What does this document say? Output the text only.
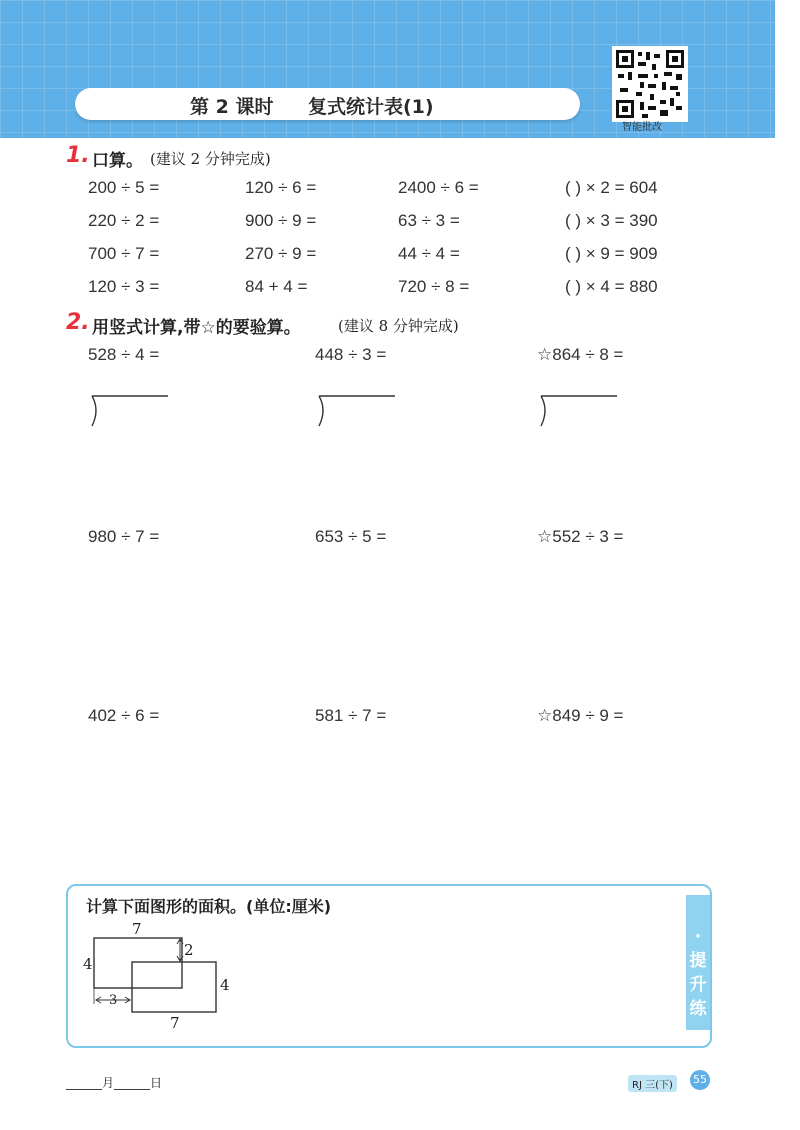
第 2 课时 复式统计表(1)
智能批改
1. 口算。 (建议 2 分钟完成)
200 ÷ 5 =	120 ÷ 6 =	2400 ÷ 6 =	( ) × 2 = 604
220 ÷ 2 =	900 ÷ 9 =	63 ÷ 3 =	( ) × 3 = 390
700 ÷ 7 =	270 ÷ 9 =	44 ÷ 4 =	( ) × 9 = 909
120 ÷ 3 =	84 + 4 =	720 ÷ 8 =	( ) × 4 = 880
2. 用竖式计算,带☆的要验算。 (建议 8 分钟完成)
528 ÷ 4 =	448 ÷ 3 =	☆864 ÷ 8 =
980 ÷ 7 =	653 ÷ 5 =	☆552 ÷ 3 =
402 ÷ 6 =	581 ÷ 7 =	☆849 ÷ 9 =
·提升练·
计算下面图形的面积。(单位:厘米)
7
2
4
4
3
7
______月______日	RJ 三(下)	55
